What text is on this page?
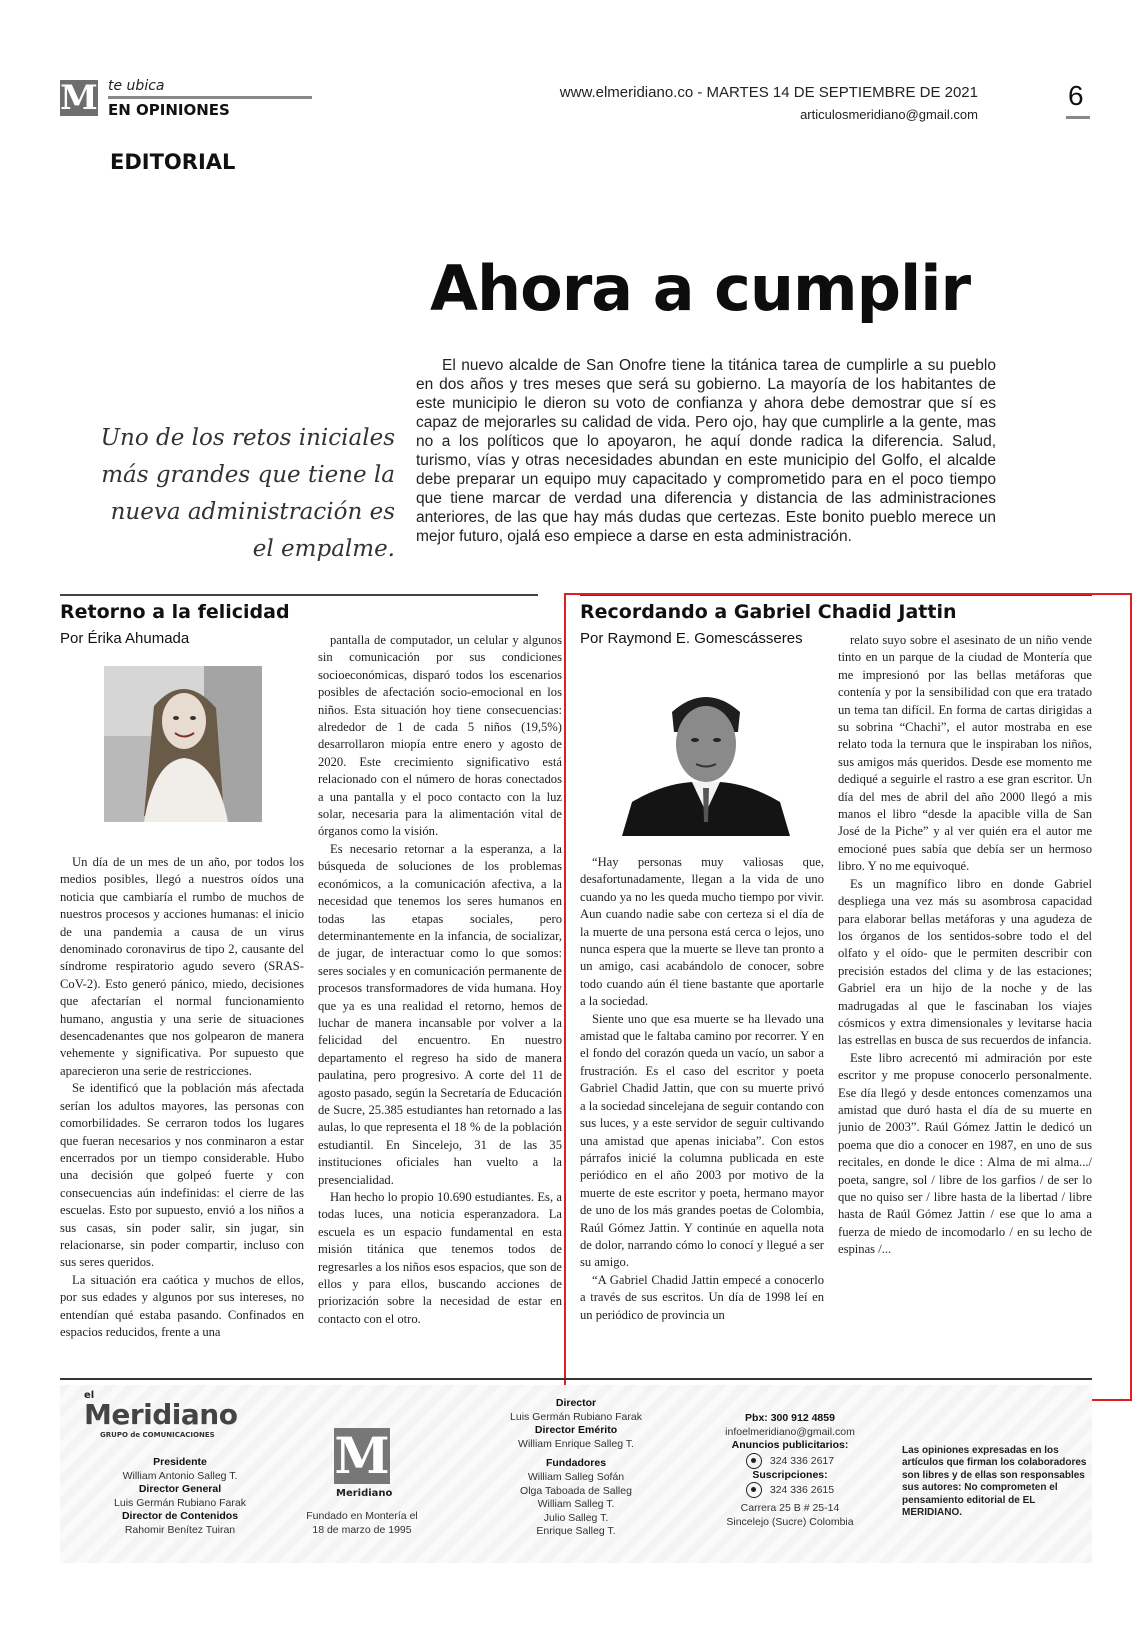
M te ubica
EN OPINIONES
www.elmeridiano.co - MARTES 14 DE SEPTIEMBRE DE 2021
articulosmeridiano@gmail.com
6
EDITORIAL
Ahora a cumplir
Uno de los retos iniciales más grandes que tiene la nueva administración es el empalme.

El nuevo alcalde de San Onofre tiene la titánica tarea de cumplirle a su pueblo en dos años y tres meses que será su gobierno. La mayoría de los habitantes de este municipio le dieron su voto de confianza y ahora debe demostrar que sí es capaz de mejorarles su calidad de vida. Pero ojo, hay que cumplirle a la gente, mas no a los políticos que lo apoyaron, he aquí donde radica la diferencia. Salud, turismo, vías y otras necesidades abundan en este municipio del Golfo, el alcalde debe preparar un equipo muy capacitado y comprometido para en el poco tiempo que tiene marcar de verdad una diferencia y distancia de las administraciones anteriores, de las que hay más dudas que certezas. Este bonito pueblo merece un mejor futuro, ojalá eso empiece a darse en esta administración.

Retorno a la felicidad
Por Érika Ahumada

Un día de un mes de un año, por todos los medios posibles, llegó a nuestros oídos una noticia que cambiaría el rumbo de muchos de nuestros procesos y acciones humanas: el inicio de una pandemia a causa de un virus denominado coronavirus de tipo 2, causante del síndrome respiratorio agudo severo (SRAS-CoV-2). Esto generó pánico, miedo, decisiones que afectarían el normal funcionamiento humano, angustia y una serie de situaciones desencadenantes que nos golpearon de manera vehemente y significativa. Por supuesto que aparecieron una serie de restricciones.

Se identificó que la población más afectada serían los adultos mayores, las personas con comorbilidades. Se cerraron todos los lugares que fueran necesarios y nos conminaron a estar encerrados por un tiempo considerable. Hubo una decisión que golpeó fuerte y con consecuencias aún indefinidas: el cierre de las escuelas. Esto por supuesto, envió a los niños a sus casas, sin poder salir, sin jugar, sin relacionarse, sin poder compartir, incluso con sus seres queridos.

La situación era caótica y muchos de ellos, por sus edades y algunos por sus intereses, no entendían qué estaba pasando. Confinados en espacios reducidos, frente a una

pantalla de computador, un celular y algunos sin comunicación por sus condiciones socioeconómicas, disparó todos los escenarios posibles de afectación socio-emocional en los niños. Esta situación hoy tiene consecuencias: alrededor de 1 de cada 5 niños (19,5%) desarrollaron miopía entre enero y agosto de 2020. Este crecimiento significativo está relacionado con el número de horas conectados a una pantalla y el poco contacto con la luz solar, necesaria para la alimentación vital de órganos como la visión.

Es necesario retornar a la esperanza, a la búsqueda de soluciones de los problemas económicos, a la comunicación afectiva, a la necesidad que tenemos los seres humanos en todas las etapas sociales, pero determinantemente en la infancia, de socializar, de jugar, de interactuar como lo que somos: seres sociales y en comunicación permanente de procesos transformadores de vida humana. Hoy que ya es una realidad el retorno, hemos de luchar de manera incansable por volver a la felicidad del encuentro. En nuestro departamento el regreso ha sido de manera paulatina, pero progresivo. A corte del 11 de agosto pasado, según la Secretaría de Educación de Sucre, 25.385 estudiantes han retornado a las aulas, lo que representa el 18 % de la población estudiantil. En Sincelejo, 31 de las 35 instituciones oficiales han vuelto a la presencialidad.

Han hecho lo propio 10.690 estudiantes. Es, a todas luces, una noticia esperanzadora. La escuela es un espacio fundamental en esta misión titánica que tenemos todos de regresarles a los niños esos espacios, que son de ellos y para ellos, buscando acciones de priorización sobre la necesidad de estar en contacto con el otro.

Recordando a Gabriel Chadid Jattin
Por Raymond E. Gomescásseres

“Hay personas muy valiosas que, desafortunadamente, llegan a la vida de uno cuando ya no les queda mucho tiempo por vivir. Aun cuando nadie sabe con certeza si el día de la muerte de una persona está cerca o lejos, uno nunca espera que la muerte se lleve tan pronto a un amigo, casi acabándolo de conocer, sobre todo cuando aún él tiene bastante que aportarle a la sociedad.

Siente uno que esa muerte se ha llevado una amistad que le faltaba camino por recorrer. Y en el fondo del corazón queda un vacío, un sabor a frustración. Es el caso del escritor y poeta Gabriel Chadid Jattin, que con su muerte privó a la sociedad sincelejana de seguir contando con sus luces, y a este servidor de seguir cultivando una amistad que apenas iniciaba”. Con estos párrafos inicié la columna publicada en este periódico en el año 2003 por motivo de la muerte de este escritor y poeta, hermano mayor de uno de los más grandes poetas de Colombia, Raúl Gómez Jattin. Y continúe en aquella nota de dolor, narrando cómo lo conocí y llegué a ser su amigo.

“A Gabriel Chadid Jattin empecé a conocerlo a través de sus escritos. Un día de 1998 leí en un periódico de provincia un

relato suyo sobre el asesinato de un niño vende tinto en un parque de la ciudad de Montería que me impresionó por las bellas metáforas que contenía y por la sensibilidad con que era tratado un tema tan difícil. En forma de cartas dirigidas a su sobrina “Chachi”, el autor mostraba en ese relato toda la ternura que le inspiraban los niños, sus amigos más queridos. Desde ese momento me dediqué a seguirle el rastro a ese gran escritor. Un día del mes de abril del año 2000 llegó a mis manos el libro “desde la apacible villa de San José de la Piche” y al ver quién era el autor me emocioné pues sabía que debía ser un hermoso libro. Y no me equivoqué.

Es un magnífico libro en donde Gabriel despliega una vez más su asombrosa capacidad para elaborar bellas metáforas y una agudeza de los órganos de los sentidos-sobre todo el del olfato y el oído- que le permiten describir con precisión estados del clima y de las estaciones; Gabriel era un hijo de la noche y de las madrugadas al que le fascinaban los viajes cósmicos y extra dimensionales y levitarse hacia las estrellas en busca de sus recuerdos de infancia.

Este libro acrecentó mi admiración por este escritor y me propuse conocerlo personalmente. Ese día llegó y desde entonces comenzamos una amistad que duró hasta el día de su muerte en junio de 2003”. Raúl Gómez Jattin le dedicó un poema que dio a conocer en 1987, en uno de sus recitales, en donde le dice : Alma de mi alma.../ poeta, sangre, sol / libre de los garfios / de ser lo que no quiso ser / libre hasta de la libertad / libre hasta de Raúl Gómez Jattin / ese que lo ama a fuerza de miedo de incomodarlo / en su lecho de espinas /...

el
Meridiano
GRUPO de COMUNICACIONES
Presidente
William Antonio Salleg T.
Director General
Luis Germán Rubiano Farak
Director de Contenidos
Rahomir Benítez Tuiran
M
Meridiano
Fundado en Montería el 18 de marzo de 1995
Director
Luis Germán Rubiano Farak
Director Emérito
William Enrique Salleg T.
Fundadores
William Salleg Sofán
Olga Taboada de Salleg
William Salleg T.
Julio Salleg T.
Enrique Salleg T.
Pbx: 300 912 4859
infoelmeridiano@gmail.com
Anuncios publicitarios:
324 336 2617
Suscripciones:
324 336 2615
Carrera 25 B # 25-14
Sincelejo (Sucre) Colombia
Las opiniones expresadas en los artículos que firman los colaboradores son libres y de ellas son responsables sus autores: No comprometen el pensamiento editorial de EL MERIDIANO.
